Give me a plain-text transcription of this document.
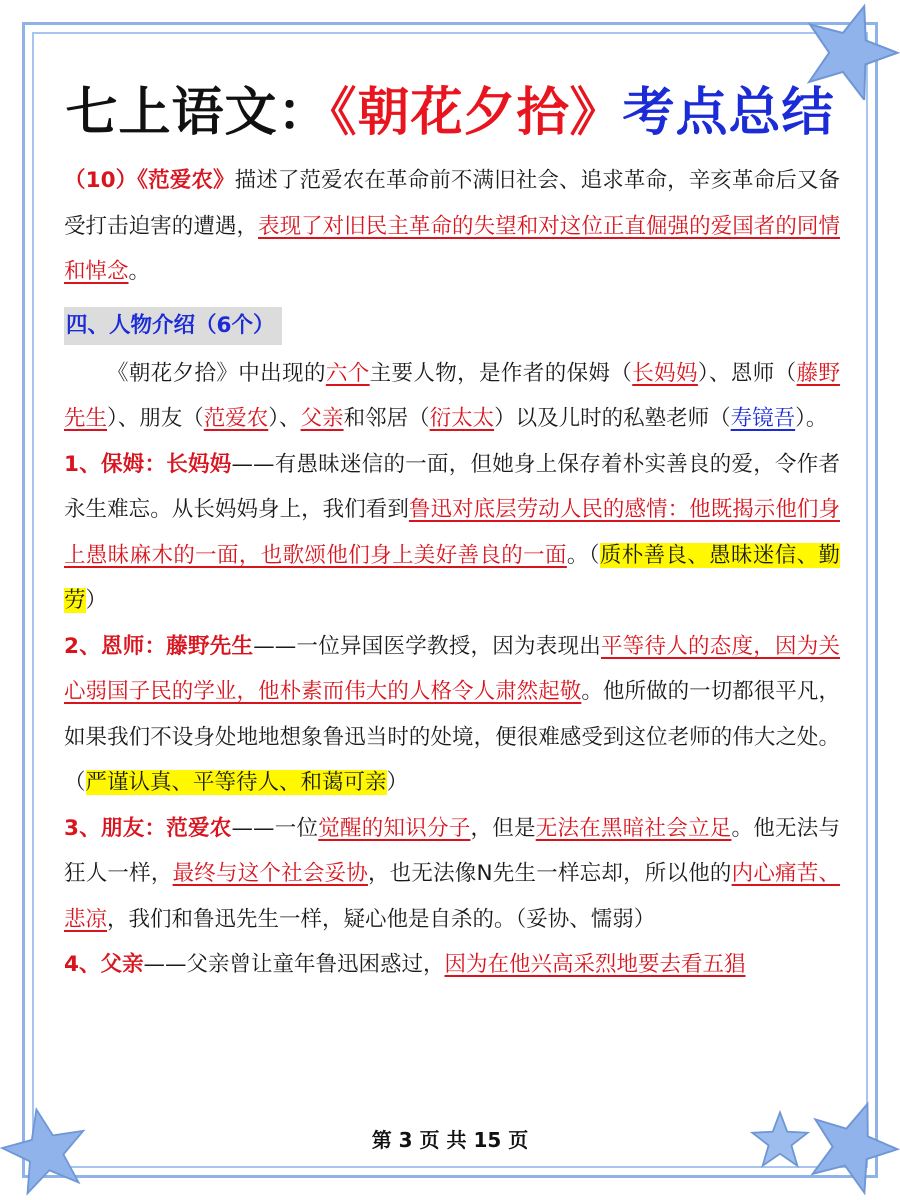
七上语文：《朝花夕拾》考点总结

（10）《范爱农》描述了范爱农在革命前不满旧社会、追求革命，辛亥革命后又备受打击迫害的遭遇，表现了对旧民主革命的失望和对这位正直倔强的爱国者的同情和悼念。

四、人物介绍（6个）

《朝花夕拾》中出现的六个主要人物，是作者的保姆（长妈妈）、恩师（藤野先生）、朋友（范爱农）、父亲和邻居（衍太太）以及儿时的私塾老师（寿镜吾）。

1、保姆：长妈妈——有愚昧迷信的一面，但她身上保存着朴实善良的爱，令作者永生难忘。从长妈妈身上，我们看到鲁迅对底层劳动人民的感情：他既揭示他们身上愚昧麻木的一面，也歌颂他们身上美好善良的一面。（质朴善良、愚昧迷信、勤劳）

2、恩师：藤野先生——一位异国医学教授，因为表现出平等待人的态度，因为关心弱国子民的学业，他朴素而伟大的人格令人肃然起敬。他所做的一切都很平凡，如果我们不设身处地地想象鲁迅当时的处境，便很难感受到这位老师的伟大之处。（严谨认真、平等待人、和蔼可亲）

3、朋友：范爱农——一位觉醒的知识分子，但是无法在黑暗社会立足。他无法与狂人一样，最终与这个社会妥协，也无法像N先生一样忘却，所以他的内心痛苦、悲凉，我们和鲁迅先生一样，疑心他是自杀的。（妥协、懦弱）

4、父亲——父亲曾让童年鲁迅困惑过，因为在他兴高采烈地要去看五猖

第 3 页 共 15 页
